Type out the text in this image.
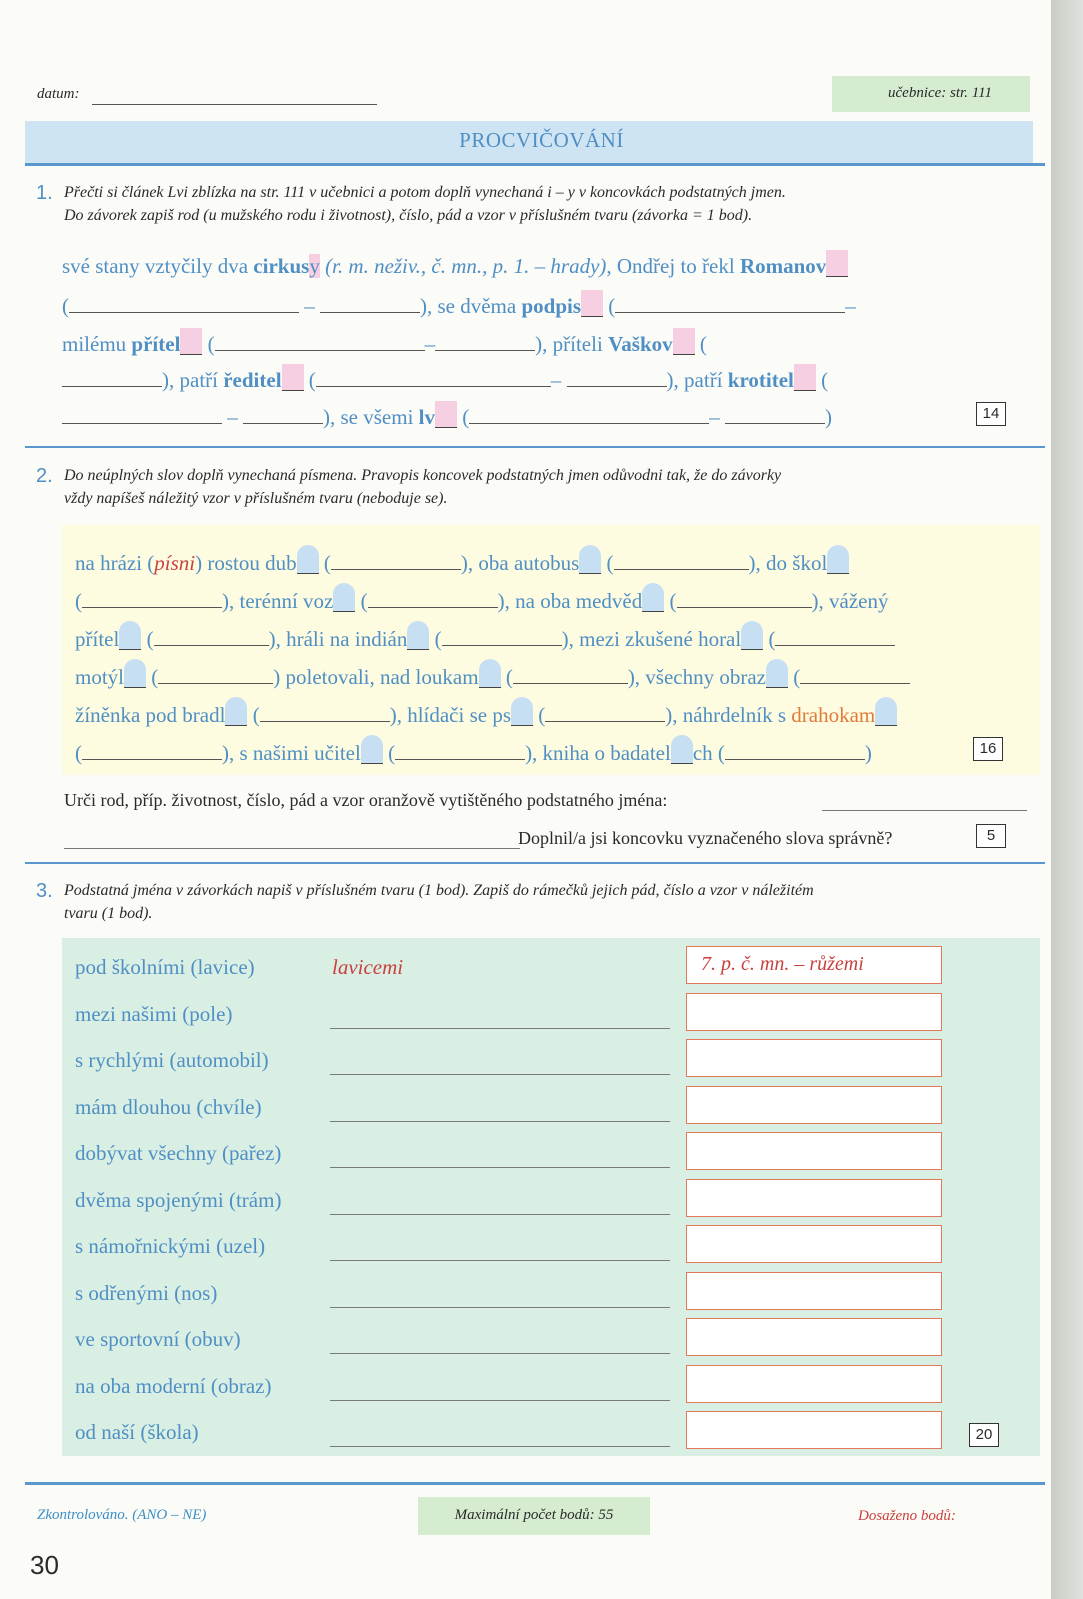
datum:	učebnice: str. 111
PROCVIČOVÁNÍ
1. Přečti si článek Lvi zblízka na str. 111 v učebnici a potom doplň vynechaná i – y v koncovkách podstatných jmen.
Do závorek zapiš rod (u mužského rodu i životnost), číslo, pád a vzor v příslušném tvaru (závorka = 1 bod).
své stany vztyčily dva cirkusy (r. m. neživ., č. mn., p. 1. – hrady), Ondřej to řekl Romanov
(	–	), se dvěma podpis (	–
milému přítel (	–	), příteli Vaškov (
), patří ředitel (	–	), patří krotitel (
–	), se všemi lv (	–	)	14
2. Do neúplných slov doplň vynechaná písmena. Pravopis koncovek podstatných jmen odůvodni tak, že do závorky
vždy napíšeš náležitý vzor v příslušném tvaru (neboduje se).
na hrázi (písni) rostou dub (	), oba autobus (	), do škol
(	), terénní voz (	), na oba medvěd (	), vážený
přítel (	), hráli na indián (	), mezi zkušené horal (
motýl (	) poletovali, nad loukam (	), všechny obraz (
žíněnka pod bradl (	), hlídači se ps (	), náhrdelník s drahokam
(	), s našimi učitel (	), kniha o badatel ch (	)	16
Urči rod, příp. životnost, číslo, pád a vzor oranžově vytištěného podstatného jména:
Doplnil/a jsi koncovku vyznačeného slova správně?	5
3. Podstatná jména v závorkách napiš v příslušném tvaru (1 bod). Zapiš do rámečků jejich pád, číslo a vzor v náležitém
tvaru (1 bod).
pod školními (lavice)	lavicemi	7. p. č. mn. – růžemi
mezi našimi (pole)
s rychlými (automobil)
mám dlouhou (chvíle)
dobývat všechny (pařez)
dvěma spojenými (trám)
s námořnickými (uzel)
s odřenými (nos)
ve sportovní (obuv)
na oba moderní (obraz)
od naší (škola)	20
Zkontrolováno. (ANO – NE)	Maximální počet bodů: 55	Dosaženo bodů:
30
